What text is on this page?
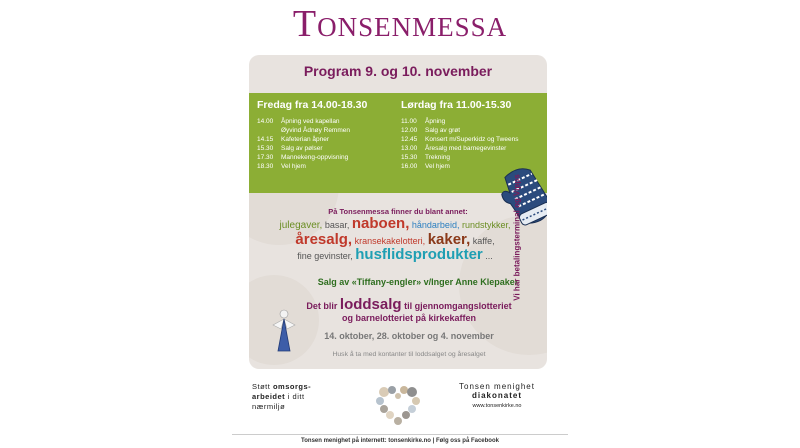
Tonsenmessa
Program 9. og 10. november
Fredag fra 14.00-18.30
14.00	Åpning ved kapellan
Øyvind Ådnøy Remmen
14.15	Kafeterian åpner
15.30	Salg av pølser
17.30	Mannekeng-oppvisning
18.30	Vel hjem
Lørdag fra 11.00-15.30
11.00	Åpning
12.00	Salg av grøt
12.45	Konsert m/Superkidz og Tweens
13.00	Åresalg med barnegevinster
15.30	Trekning
16.00	Vel hjem
På Tonsenmessa finner du blant annet:
julegaver, basar, naboen, håndarbeid, rundstykker,
åresalg, kransekakelotteri, kaker, kaffe,
fine gevinster, husflidsprodukter ...
Salg av «Tiffany-engler» v/Inger Anne Klepaker
Det blir loddsalg til gjennomgangslotteriet
og barnelotteriet på kirkekaffen
14. oktober, 28. oktober og 4. november
Husk å ta med kontanter til loddsalget og åresalget
Vi har betalingsterminal og Vipps
Støtt omsorgs-
arbeidet i ditt
nærmiljø
Tonsen menighet
diakonatet
www.tonsenkirke.no
Tonsen menighet på internett: tonsenkirke.no | Følg oss på Facebook
